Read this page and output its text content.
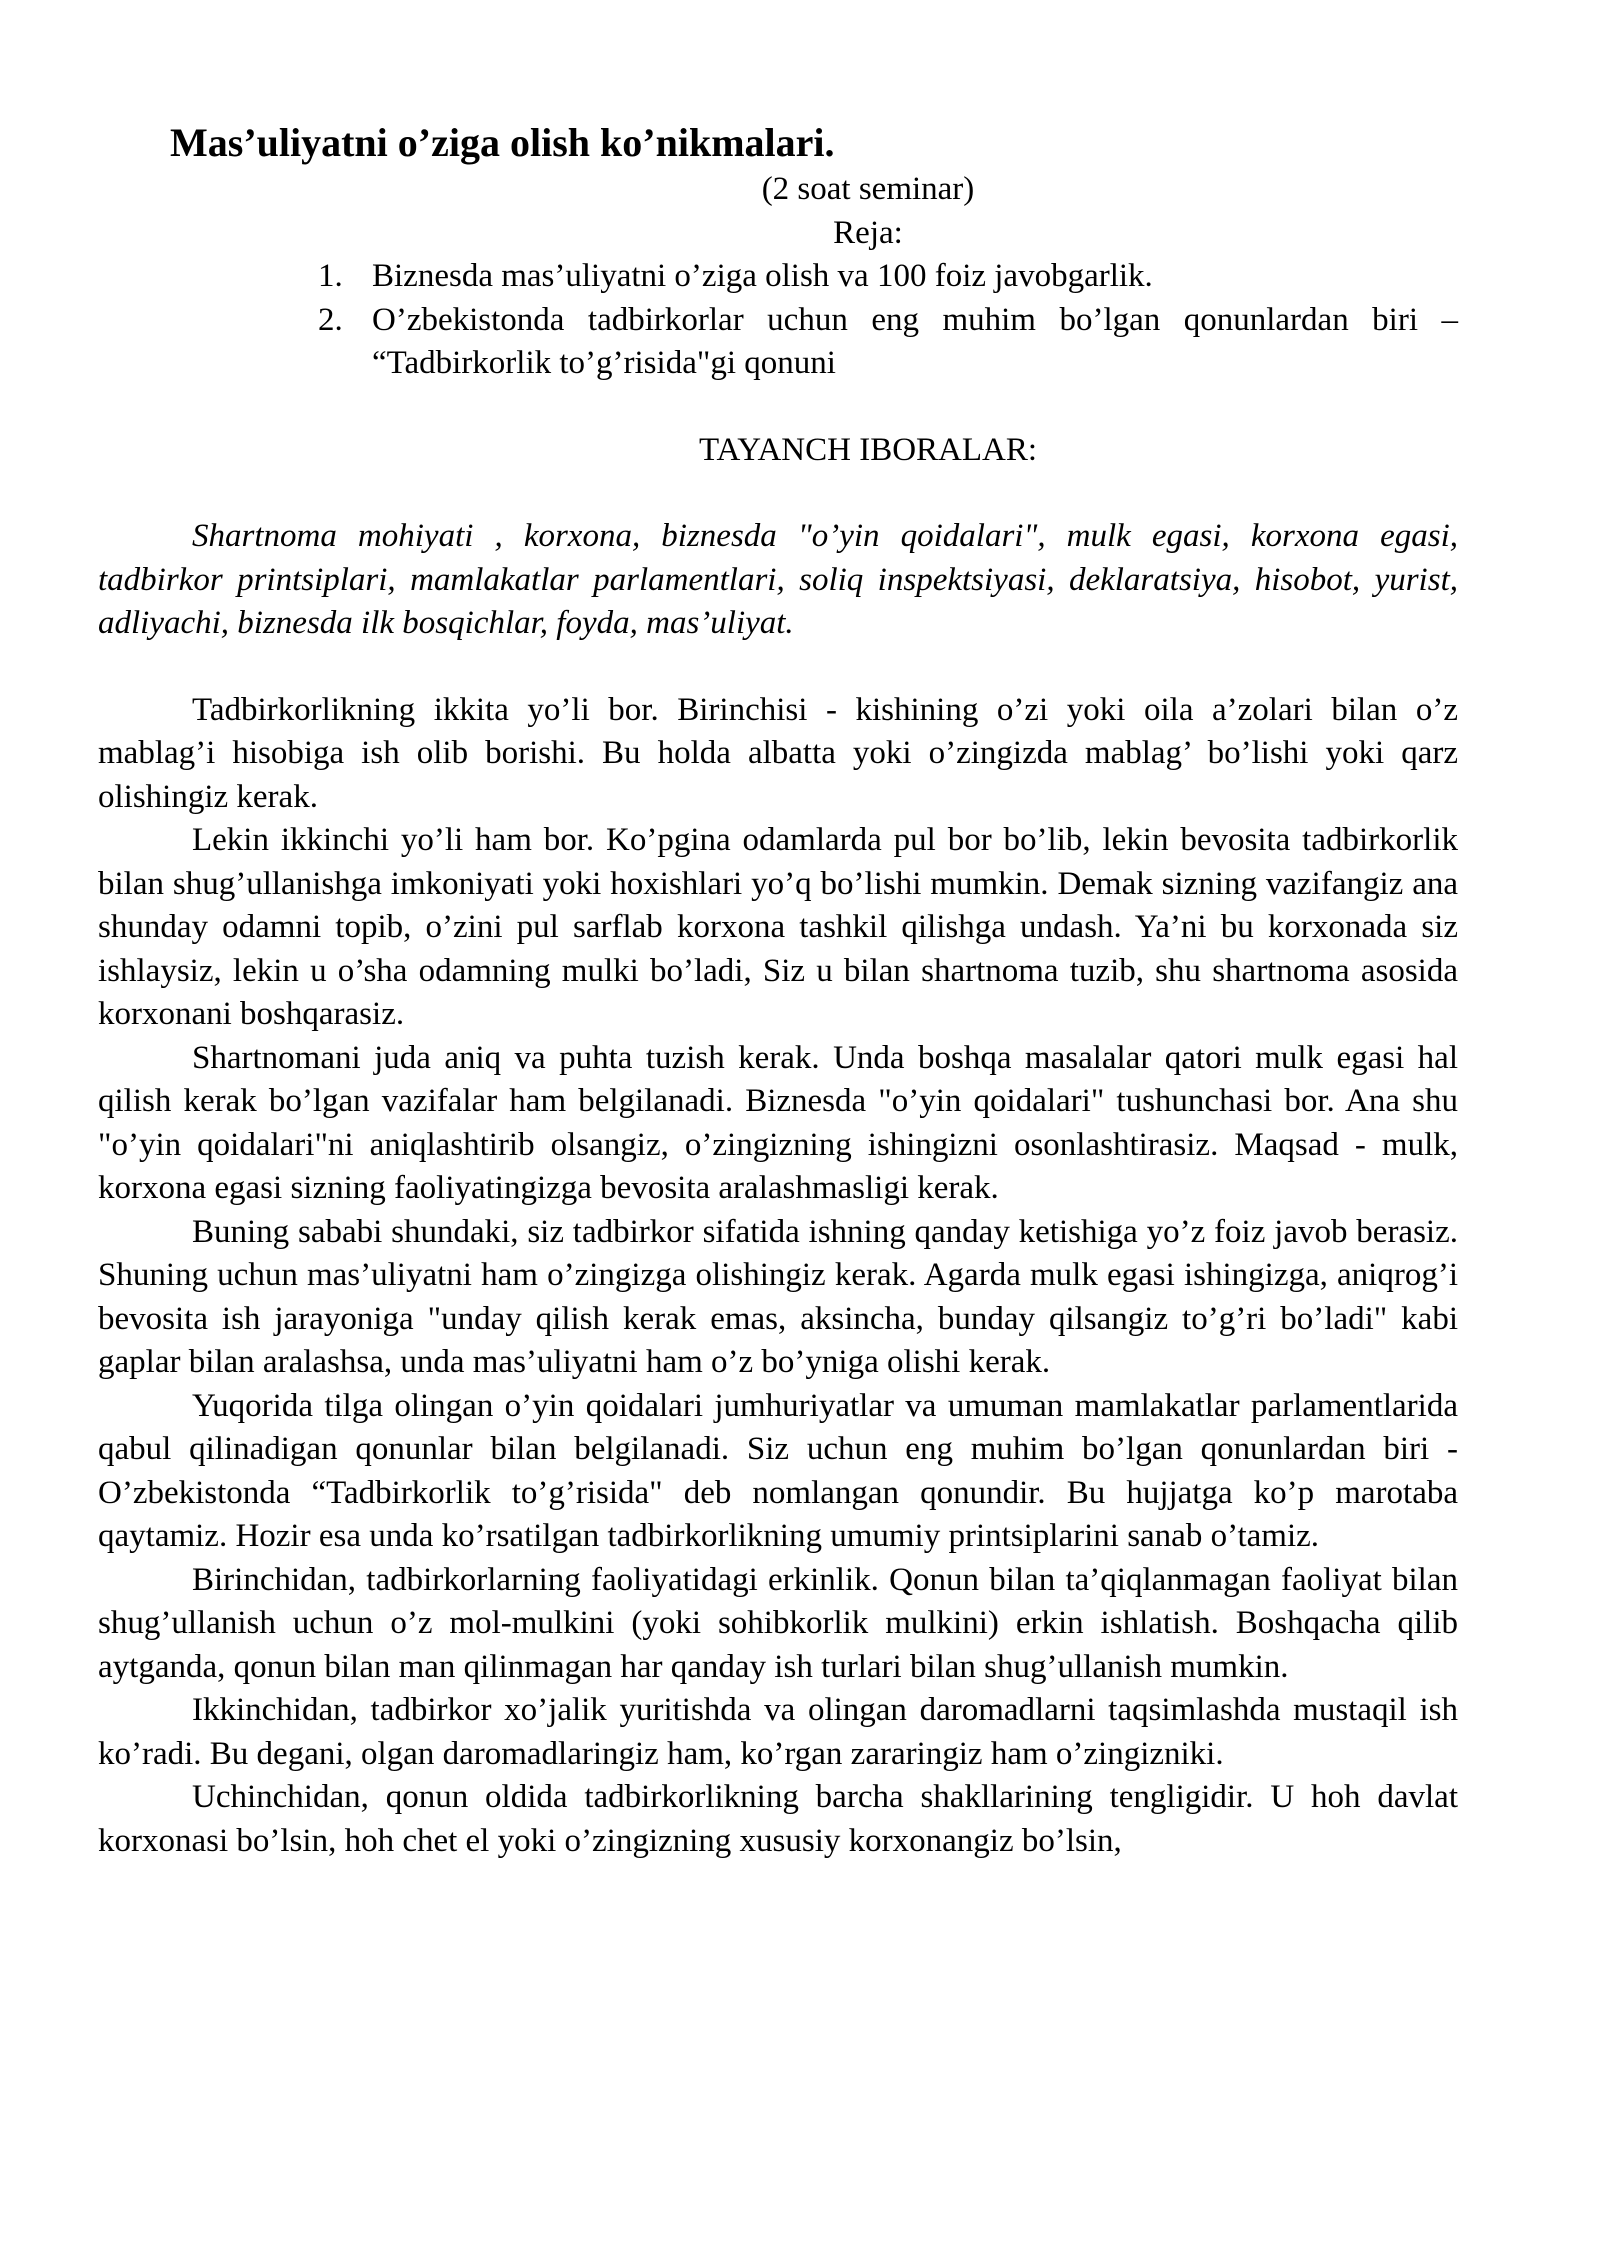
Mas’uliyatni o’ziga olish ko’nikmalari.
(2 soat seminar)
Reja:
1. Biznesda mas’uliyatni o’ziga olish va 100 foiz javobgarlik.
2. O’zbekistonda tadbirkorlar uchun eng muhim bo’lgan qonunlardan biri – “Tadbirkorlik to’g’risida"gi qonuni
TAYANCH IBORALAR:

Shartnoma mohiyati , korxona, biznesda "o’yin qoidalari", mulk egasi, korxona egasi, tadbirkor printsiplari, mamlakatlar parlamentlari, soliq inspektsiyasi, deklaratsiya, hisobot, yurist, adliyachi, biznesda ilk bosqichlar, foyda, mas’uliyat.

Tadbirkorlikning ikkita yo’li bor. Birinchisi - kishining o’zi yoki oila a’zolari bilan o’z mablag’i hisobiga ish olib borishi. Bu holda albatta yoki o’zingizda mablag’ bo’lishi yoki qarz olishingiz kerak.

Lekin ikkinchi yo’li ham bor. Ko’pgina odamlarda pul bor bo’lib, lekin bevosita tadbirkorlik bilan shug’ullanishga imkoniyati yoki hoxishlari yo’q bo’lishi mumkin. Demak sizning vazifangiz ana shunday odamni topib, o’zini pul sarflab korxona tashkil qilishga undash. Ya’ni bu korxonada siz ishlaysiz, lekin u o’sha odamning mulki bo’ladi, Siz u bilan shartnoma tuzib, shu shartnoma asosida korxonani boshqarasiz.

Shartnomani juda aniq va puhta tuzish kerak. Unda boshqa masalalar qatori mulk egasi hal qilish kerak bo’lgan vazifalar ham belgilanadi. Biznesda "o’yin qoidalari" tushunchasi bor. Ana shu "o’yin qoidalari"ni aniqlashtirib olsangiz, o’zingizning ishingizni osonlashtirasiz. Maqsad - mulk, korxona egasi sizning faoliyatingizga bevosita aralashmasligi kerak.

Buning sababi shundaki, siz tadbirkor sifatida ishning qanday ketishiga yo’z foiz javob berasiz. Shuning uchun mas’uliyatni ham o’zingizga olishingiz kerak. Agarda mulk egasi ishingizga, aniqrog’i bevosita ish jarayoniga "unday qilish kerak emas, aksincha, bunday qilsangiz to’g’ri bo’ladi" kabi gaplar bilan aralashsa, unda mas’uliyatni ham o’z bo’yniga olishi kerak.

Yuqorida tilga olingan o’yin qoidalari jumhuriyatlar va umuman mamlakatlar parlamentlarida qabul qilinadigan qonunlar bilan belgilanadi. Siz uchun eng muhim bo’lgan qonunlardan biri - O’zbekistonda “Tadbirkorlik to’g’risida" deb nomlangan qonundir. Bu hujjatga ko’p marotaba qaytamiz. Hozir esa unda ko’rsatilgan tadbirkorlikning umumiy printsiplarini sanab o’tamiz.

Birinchidan, tadbirkorlarning faoliyatidagi erkinlik. Qonun bilan ta’qiqlanmagan faoliyat bilan shug’ullanish uchun o’z mol-mulkini (yoki sohibkorlik mulkini) erkin ishlatish. Boshqacha qilib aytganda, qonun bilan man qilinmagan har qanday ish turlari bilan shug’ullanish mumkin.

Ikkinchidan, tadbirkor xo’jalik yuritishda va olingan daromadlarni taqsimlashda mustaqil ish ko’radi. Bu degani, olgan daromadlaringiz ham, ko’rgan zararingiz ham o’zingizniki.

Uchinchidan, qonun oldida tadbirkorlikning barcha shakllarining tengligidir. U hoh davlat korxonasi bo’lsin, hoh chet el yoki o’zingizning xususiy korxonangiz bo’lsin,
